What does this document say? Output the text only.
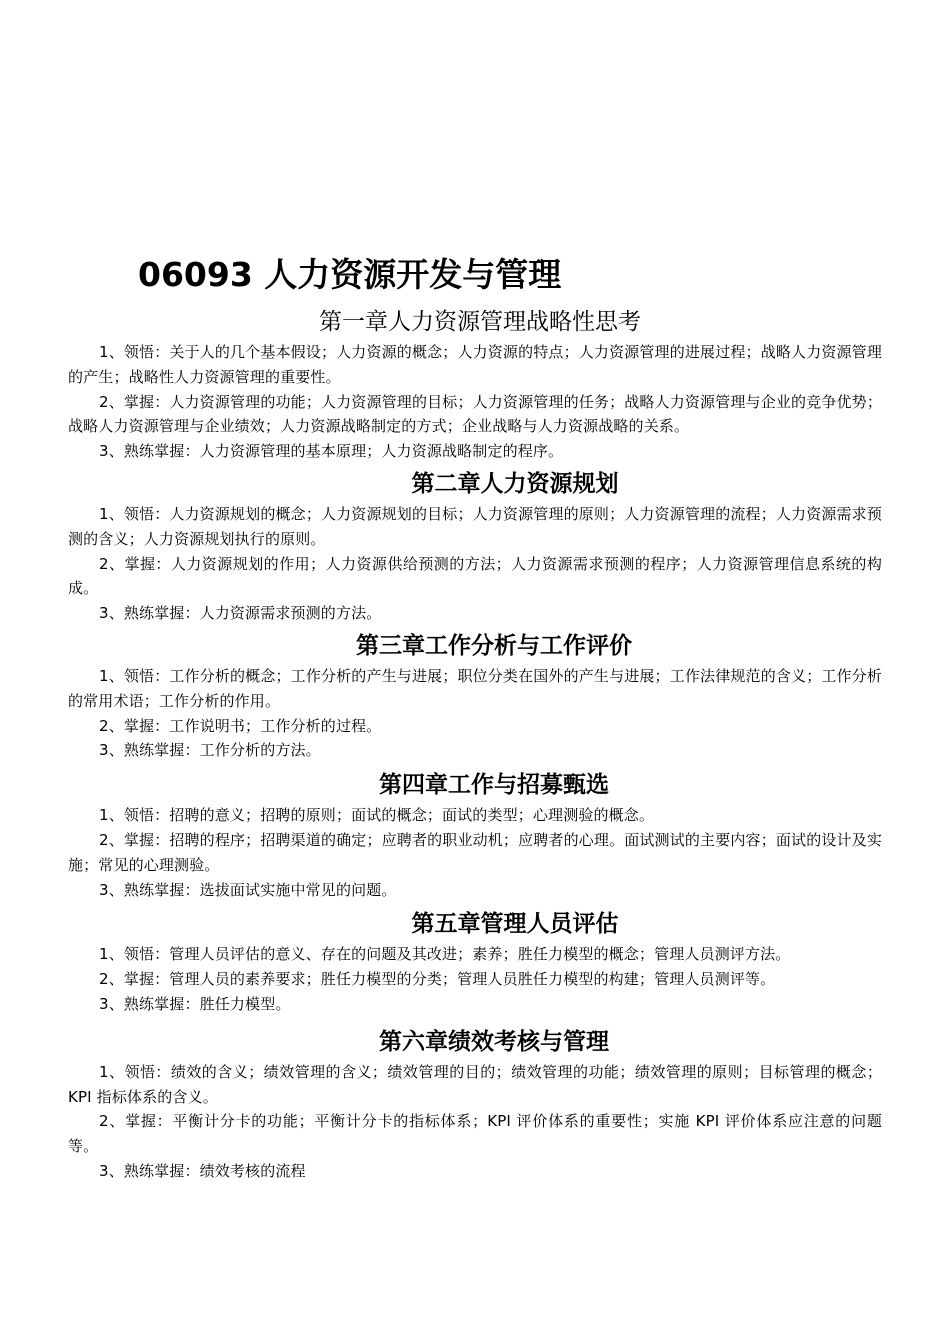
06093 人力资源开发与管理
第一章人力资源管理战略性思考

1、领悟：关于人的几个基本假设；人力资源的概念；人力资源的特点；人力资源管理的进展过程；战略人力资源管理的产生；战略性人力资源管理的重要性。

2、掌握：人力资源管理的功能；人力资源管理的目标；人力资源管理的任务；战略人力资源管理与企业的竞争优势；战略人力资源管理与企业绩效；人力资源战略制定的方式；企业战略与人力资源战略的关系。

3、熟练掌握：人力资源管理的基本原理；人力资源战略制定的程序。

第二章人力资源规划

1、领悟：人力资源规划的概念；人力资源规划的目标；人力资源管理的原则；人力资源管理的流程；人力资源需求预测的含义；人力资源规划执行的原则。

2、掌握：人力资源规划的作用；人力资源供给预测的方法；人力资源需求预测的程序；人力资源管理信息系统的构成。

3、熟练掌握：人力资源需求预测的方法。

第三章工作分析与工作评价

1、领悟：工作分析的概念；工作分析的产生与进展；职位分类在国外的产生与进展；工作法律规范的含义；工作分析的常用术语；工作分析的作用。

2、掌握：工作说明书；工作分析的过程。

3、熟练掌握：工作分析的方法。

第四章工作与招募甄选

1、领悟：招聘的意义；招聘的原则；面试的概念；面试的类型；心理测验的概念。

2、掌握：招聘的程序；招聘渠道的确定；应聘者的职业动机；应聘者的心理。面试测试的主要内容；面试的设计及实施；常见的心理测验。

3、熟练掌握：选拔面试实施中常见的问题。

第五章管理人员评估

1、领悟：管理人员评估的意义、存在的问题及其改进；素养；胜任力模型的概念；管理人员测评方法。

2、掌握：管理人员的素养要求；胜任力模型的分类；管理人员胜任力模型的构建；管理人员测评等。

3、熟练掌握：胜任力模型。

第六章绩效考核与管理

1、领悟：绩效的含义；绩效管理的含义；绩效管理的目的；绩效管理的功能；绩效管理的原则；目标管理的概念；KPI 指标体系的含义。

2、掌握：平衡计分卡的功能；平衡计分卡的指标体系；KPI 评价体系的重要性；实施 KPI 评价体系应注意的问题等。

3、熟练掌握：绩效考核的流程
